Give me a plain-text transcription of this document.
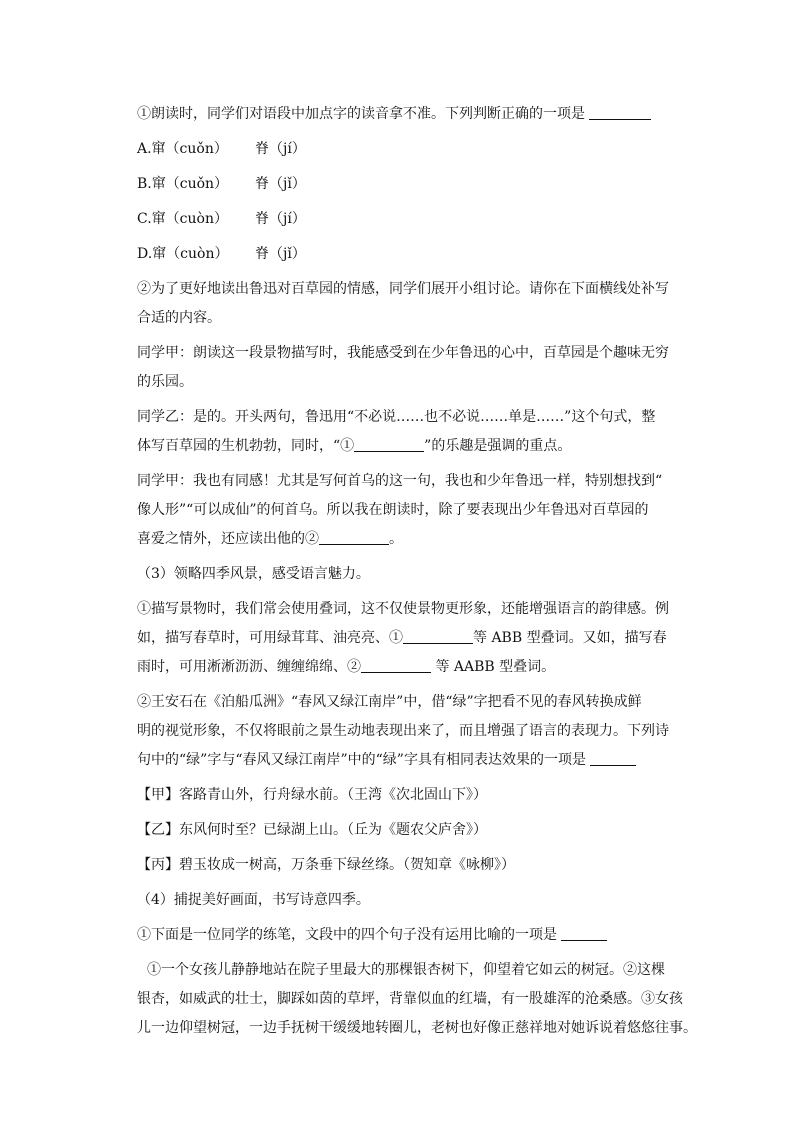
①朗读时，同学们对语段中加点字的读音拿不准。下列判断正确的一项是
A.窜（cuǒn） 脊（jí）
B.窜（cuǒn） 脊（jǐ）
C.窜（cuòn） 脊（jí）
D.窜（cuòn） 脊（jǐ）
②为了更好地读出鲁迅对百草园的情感，同学们展开小组讨论。请你在下面横线处补写
合适的内容。
同学甲：朗读这一段景物描写时，我能感受到在少年鲁迅的心中，百草园是个趣味无穷
的乐园。
同学乙：是的。开头两句，鲁迅用“不必说……也不必说……单是……”这个句式，整
体写百草园的生机勃勃，同时，“①	”的乐趣是强调的重点。
同学甲：我也有同感！尤其是写何首乌的这一句，我也和少年鲁迅一样，特别想找到“
像人形”“可以成仙”的何首乌。所以我在朗读时，除了要表现出少年鲁迅对百草园的
喜爱之情外，还应读出他的②	。
（3）领略四季风景，感受语言魅力。
①描写景物时，我们常会使用叠词，这不仅使景物更形象，还能增强语言的韵律感。例
如，描写春草时，可用绿茸茸、油亮亮、①	等 ABB 型叠词。又如，描写春
雨时，可用淅淅沥沥、缠缠绵绵、②	等 AABB 型叠词。
②王安石在《泊船瓜洲》“春风又绿江南岸”中，借“绿”字把看不见的春风转换成鲜
明的视觉形象，不仅将眼前之景生动地表现出来了，而且增强了语言的表现力。下列诗
句中的“绿”字与“春风又绿江南岸”中的“绿”字具有相同表达效果的一项是
【甲】客路青山外，行舟绿水前。（王湾《次北固山下》）
【乙】东风何时至？已绿湖上山。（丘为《题农父庐舍》）
【丙】碧玉妆成一树高，万条垂下绿丝绦。（贺知章《咏柳》）
（4）捕捉美好画面，书写诗意四季。
①下面是一位同学的练笔，文段中的四个句子没有运用比喻的一项是
①一个女孩儿静静地站在院子里最大的那棵银杏树下，仰望着它如云的树冠。②这棵
银杏，如威武的壮士，脚踩如茵的草坪，背靠似血的红墙，有一股雄浑的沧桑感。③女孩
儿一边仰望树冠，一边手抚树干缓缓地转圈儿，老树也好像正慈祥地对她诉说着悠悠往事。
